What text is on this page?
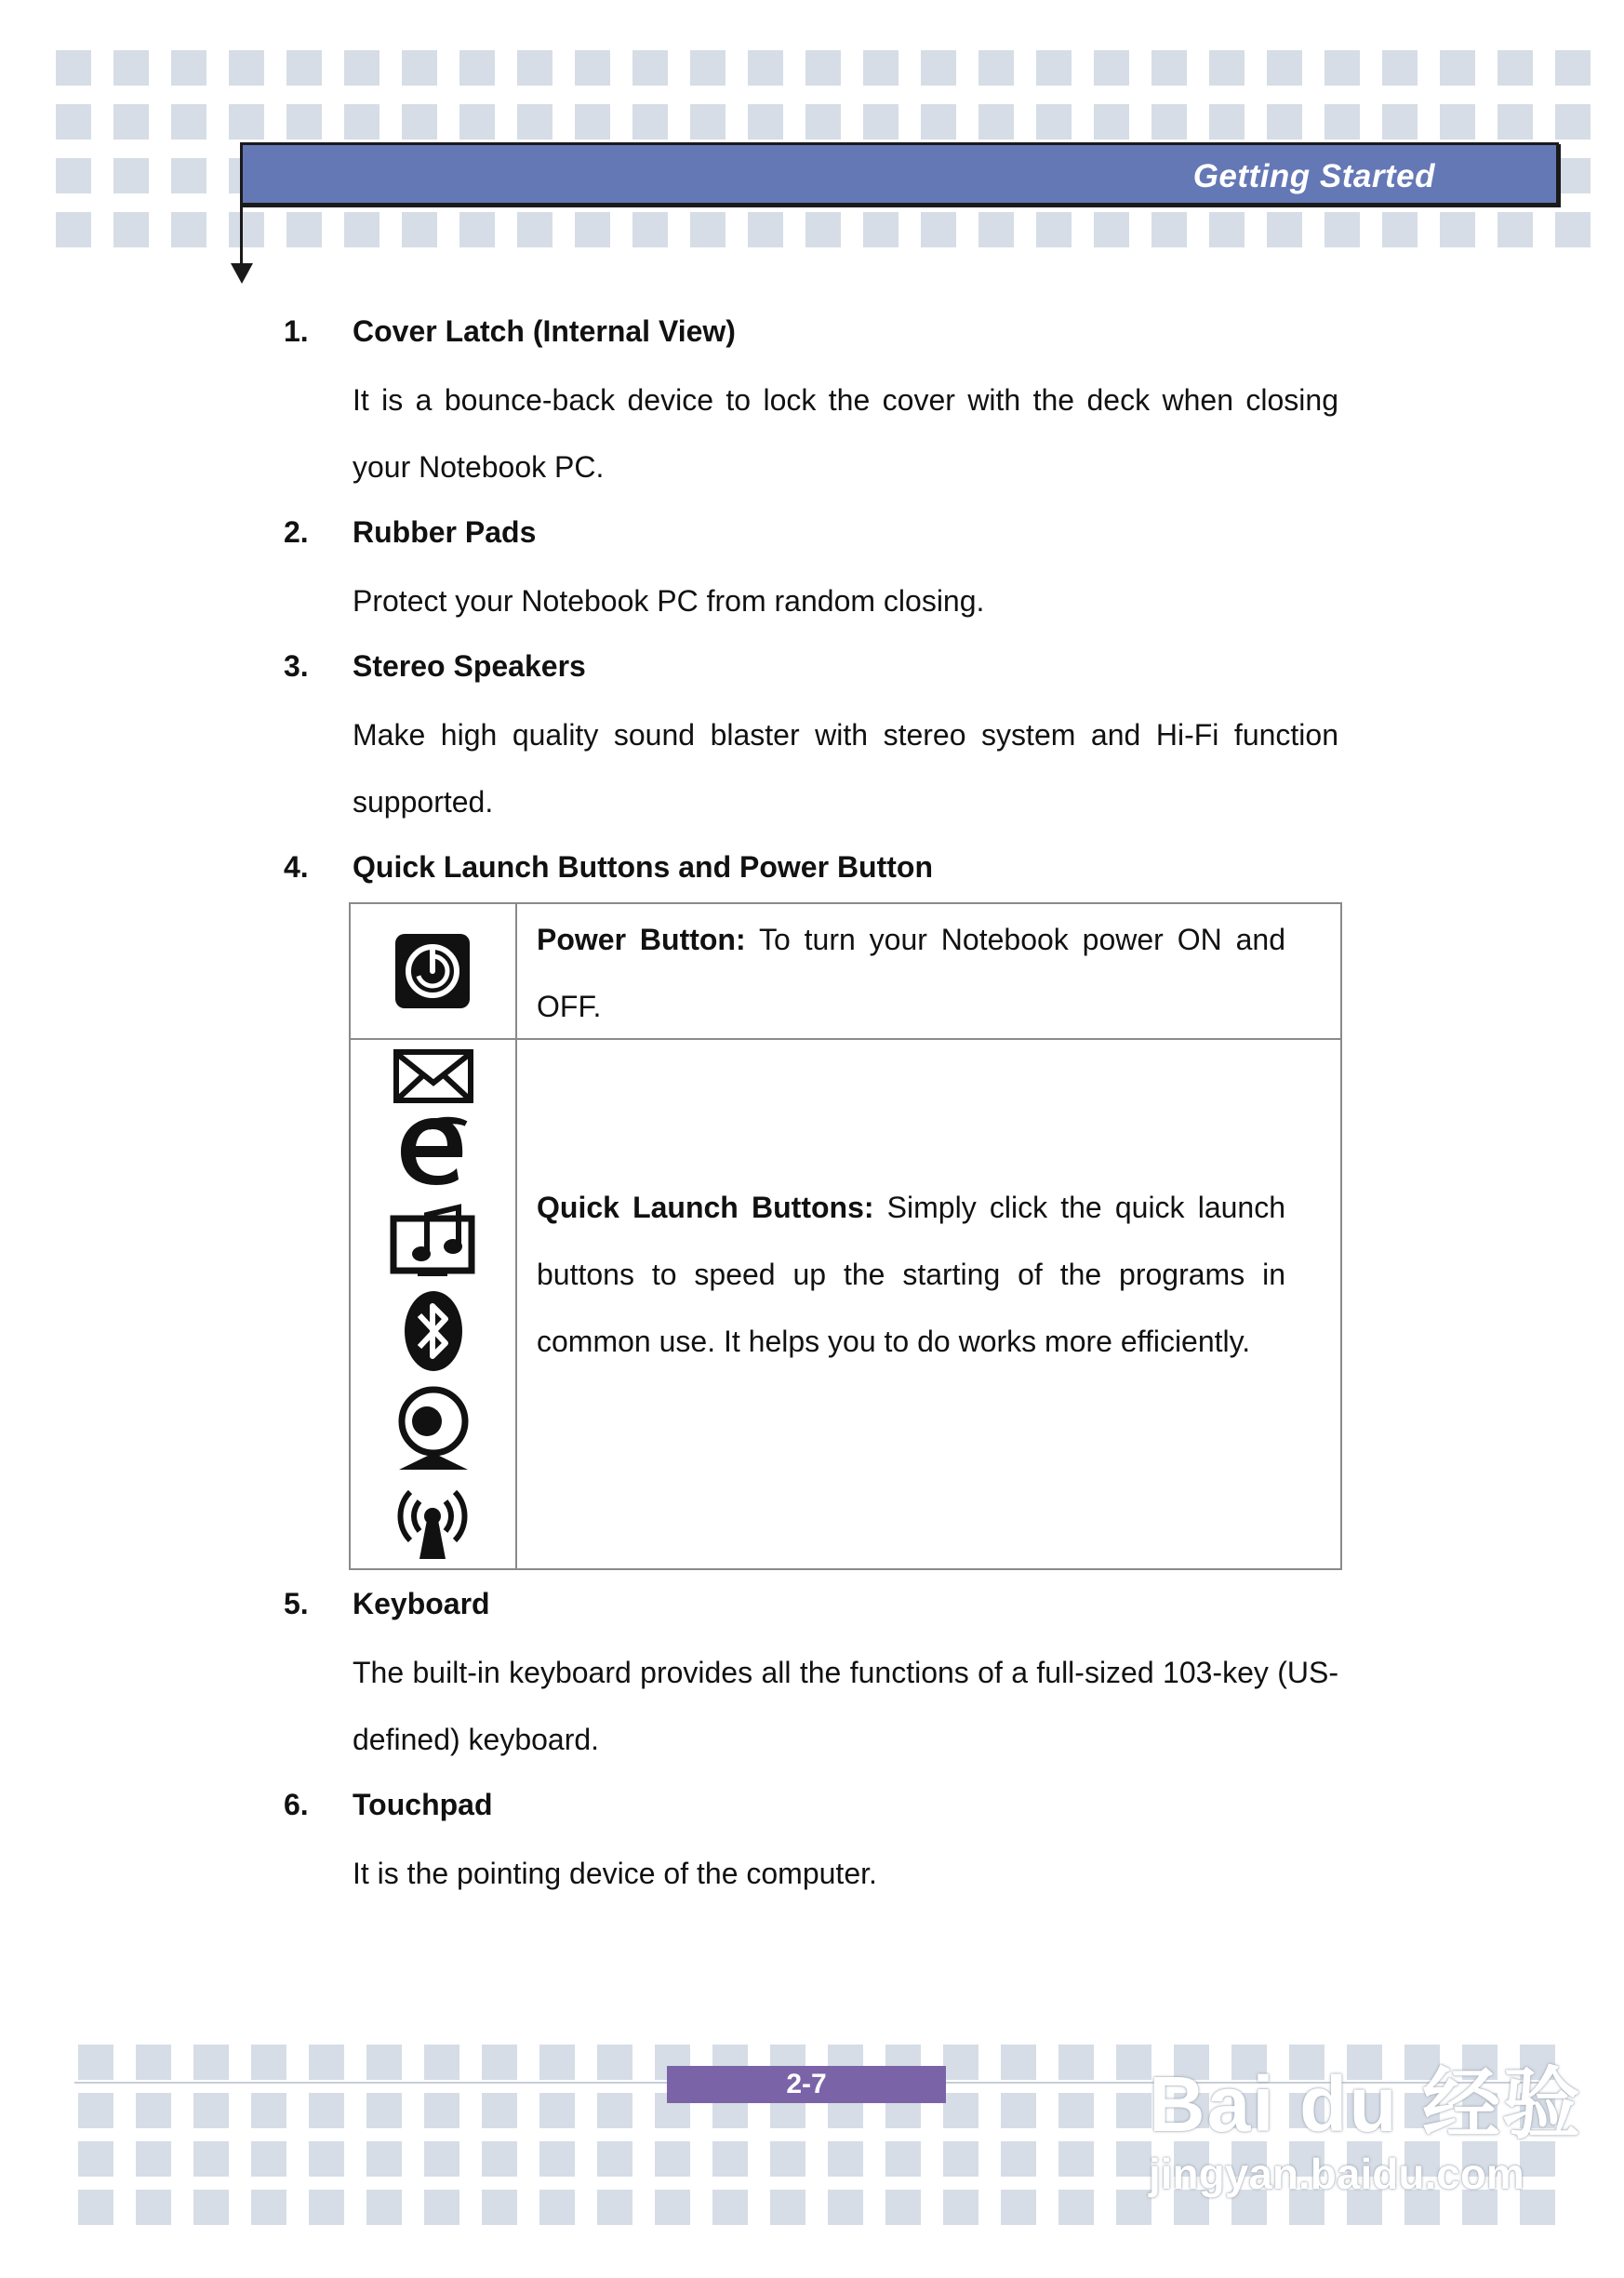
Getting Started
1. Cover Latch (Internal View)
It is a bounce-back device to lock the cover with the deck when closing your Notebook PC.
2. Rubber Pads
Protect your Notebook PC from random closing.
3. Stereo Speakers
Make high quality sound blaster with stereo system and Hi-Fi function supported.
4. Quick Launch Buttons and Power Button
Power Button: To turn your Notebook power ON and OFF.
Quick Launch Buttons: Simply click the quick launch buttons to speed up the starting of the programs in common use. It helps you to do works more efficiently.
5. Keyboard
The built-in keyboard provides all the functions of a full-sized 103-key (US-defined) keyboard.
6. Touchpad
It is the pointing device of the computer.
2-7	Bai du 经验
jingyan.baidu.com
